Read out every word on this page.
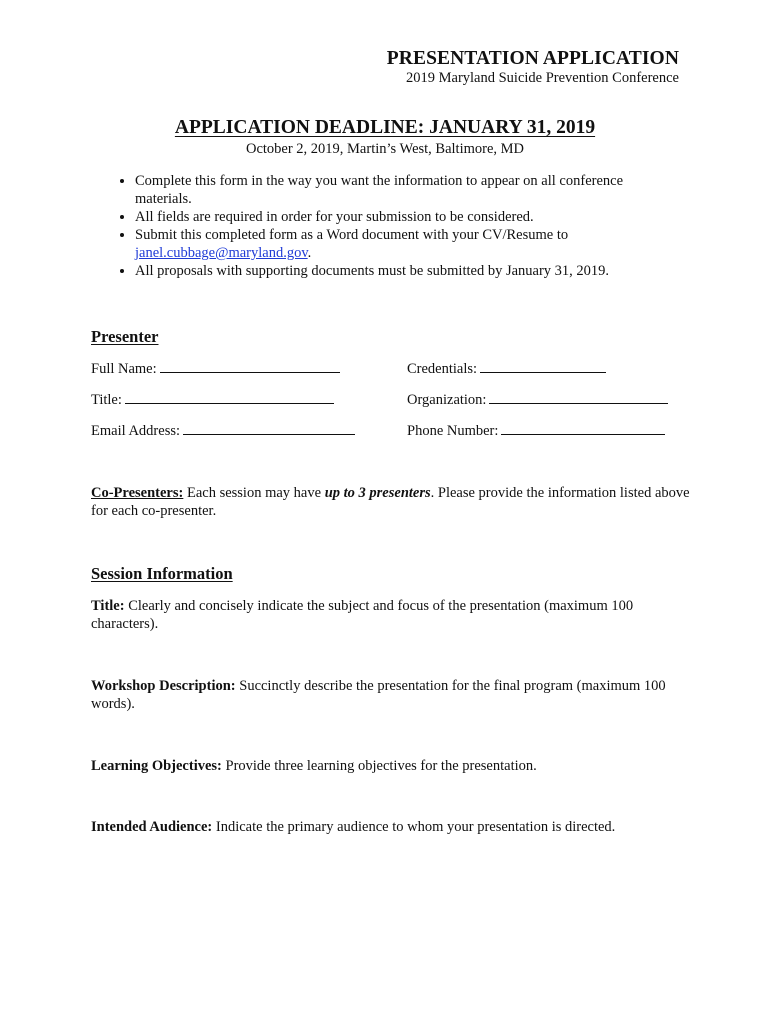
PRESENTATION APPLICATION
2019 Maryland Suicide Prevention Conference
APPLICATION DEADLINE: JANUARY 31, 2019
October 2, 2019, Martin’s West, Baltimore, MD
• Complete this form in the way you want the information to appear on all conference
materials.
• All fields are required in order for your submission to be considered.
• Submit this completed form as a Word document with your CV/Resume to
janel.cubbage@maryland.gov.
• All proposals with supporting documents must be submitted by January 31, 2019.
Presenter
Full Name:	Credentials:
Title:	Organization:
Email Address:	Phone Number:
Co-Presenters: Each session may have up to 3 presenters. Please provide the information listed above for each co-presenter.
Session Information
Title: Clearly and concisely indicate the subject and focus of the presentation (maximum 100 characters).
Workshop Description: Succinctly describe the presentation for the final program (maximum 100 words).
Learning Objectives: Provide three learning objectives for the presentation.
Intended Audience: Indicate the primary audience to whom your presentation is directed.
